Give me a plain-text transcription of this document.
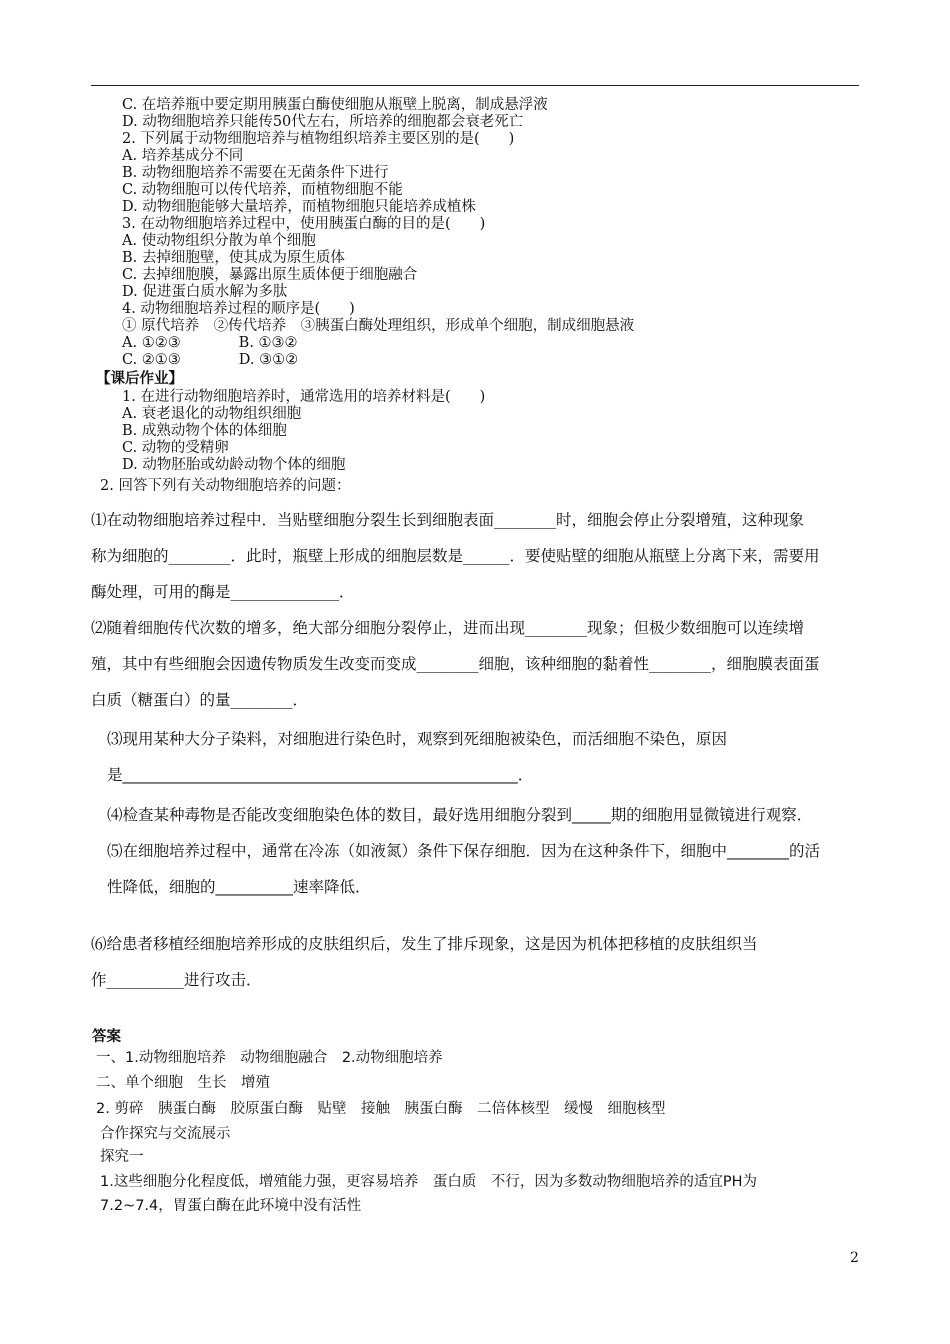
C. 在培养瓶中要定期用胰蛋白酶使细胞从瓶壁上脱离，制成悬浮液
D. 动物细胞培养只能传50代左右，所培养的细胞都会衰老死亡
2. 下列属于动物细胞培养与植物组织培养主要区别的是(　　)
A. 培养基成分不同
B. 动物细胞培养不需要在无菌条件下进行
C. 动物细胞可以传代培养，而植物细胞不能
D. 动物细胞能够大量培养，而植物细胞只能培养成植株
3. 在动物细胞培养过程中，使用胰蛋白酶的目的是(　　)
A. 使动物组织分散为单个细胞
B. 去掉细胞壁，使其成为原生质体
C. 去掉细胞膜，暴露出原生质体便于细胞融合
D. 促进蛋白质水解为多肽
4. 动物细胞培养过程的顺序是(　　)
① 原代培养　②传代培养　③胰蛋白酶处理组织，形成单个细胞，制成细胞悬液
A. ①②③　　　　B. ①③②
C. ②①③　　　　D. ③①②
【课后作业】
1. 在进行动物细胞培养时，通常选用的培养材料是(　　)
A. 衰老退化的动物组织细胞
B. 成熟动物个体的体细胞
C. 动物的受精卵
D. 动物胚胎或幼龄动物个体的细胞
2. 回答下列有关动物细胞培养的问题：
⑴在动物细胞培养过程中．当贴壁细胞分裂生长到细胞表面________时，细胞会停止分裂增殖，这种现象
称为细胞的________．此时，瓶壁上形成的细胞层数是______．要使贴壁的细胞从瓶壁上分离下来，需要用
酶处理，可用的酶是______________．
⑵随着细胞传代次数的增多，绝大部分细胞分裂停止，进而出现________现象；但极少数细胞可以连续增
殖，其中有些细胞会因遗传物质发生改变而变成________细胞，该种细胞的黏着性________，细胞膜表面蛋
白质（糖蛋白）的量________．
⑶现用某种大分子染料，对细胞进行染色时，观察到死细胞被染色，而活细胞不染色，原因
是___________________________________________________．
⑷检查某种毒物是否能改变细胞染色体的数目，最好选用细胞分裂到_____期的细胞用显微镜进行观察．
⑸在细胞培养过程中，通常在冷冻（如液氮）条件下保存细胞．因为在这种条件下，细胞中________的活
性降低，细胞的__________速率降低．
⑹给患者移植经细胞培养形成的皮肤组织后，发生了排斥现象，这是因为机体把移植的皮肤组织当
作__________进行攻击．
答案
一、1.动物细胞培养　动物细胞融合　2.动物细胞培养
二、单个细胞　生长　增殖
2. 剪碎　胰蛋白酶　胶原蛋白酶　贴壁　接触　胰蛋白酶　二倍体核型　缓慢　细胞核型
合作探究与交流展示
探究一
1.这些细胞分化程度低，增殖能力强，更容易培养　蛋白质　不行，因为多数动物细胞培养的适宜PH为
7.2~7.4，胃蛋白酶在此环境中没有活性
2
